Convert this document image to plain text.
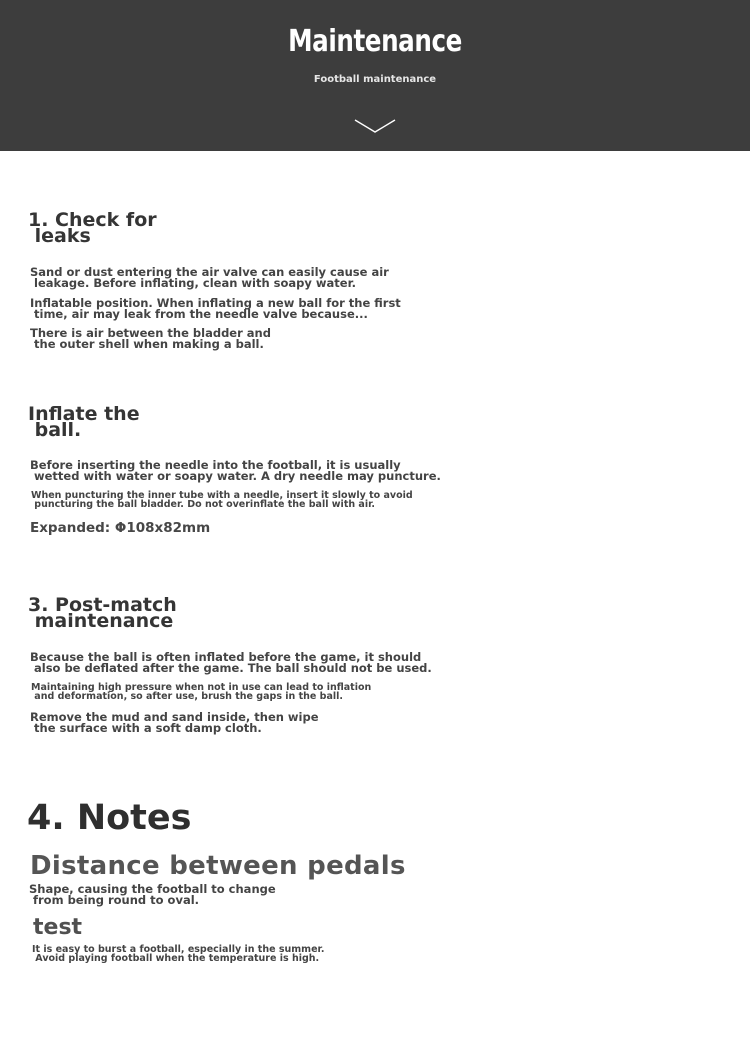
Maintenance
Football maintenance
1. Check for
leaks
Sand or dust entering the air valve can easily cause air
leakage. Before inflating, clean with soapy water.
Inflatable position. When inflating a new ball for the first
time, air may leak from the needle valve because...
There is air between the bladder and
the outer shell when making a ball.
Inflate the
ball.
Before inserting the needle into the football, it is usually
wetted with water or soapy water. A dry needle may puncture.
When puncturing the inner tube with a needle, insert it slowly to avoid
puncturing the ball bladder. Do not overinflate the ball with air.
Expanded: Φ108x82mm
3. Post-match
maintenance
Because the ball is often inflated before the game, it should
also be deflated after the game. The ball should not be used.
Maintaining high pressure when not in use can lead to inflation
and deformation, so after use, brush the gaps in the ball.
Remove the mud and sand inside, then wipe
the surface with a soft damp cloth.
4. Notes
Distance between pedals
Shape, causing the football to change
from being round to oval.
test
It is easy to burst a football, especially in the summer.
Avoid playing football when the temperature is high.
